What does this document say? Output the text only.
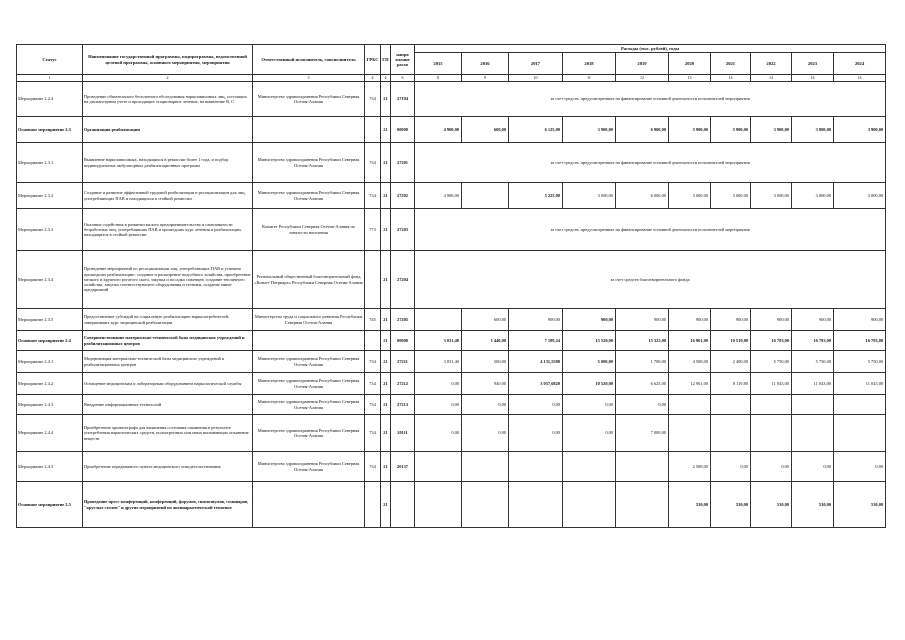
Статус	Наименование государственной программы, подпрограммы, ведомственной целевой программы, основного мероприятия, мероприятия	Ответственный исполнитель, соисполнитель	ГРБС	ГП	напра вление расхо	Расходы (тыс. рублей), годы									
						2015	2016	2017	2018	2019	2020	2021	2022	2023	2024
1	2	3	4	4	6	8	9	10	11	12	13	14	14	14	14
Мероприятие 2.2.4	Проведение обязательного бесплатного обследования наркозависимых лиц, состоящих на диспансерном учете и проходящих стационарное лечение, на выявление В, С	Министерство здравоохранения Республики Северная Осетия-Алания	734	21	27194	за счет средств, предусмотренных на финансирование основной деятельности исполнителей мероприятия									
Основное мероприятие 2.3	Организация реабилитации			21	00000	4 900,00	600,00	6 125,00	3 900,00	6 900,00	3 900,00	3 900,00	3 900,00	3 900,00	3 900,00
Мероприятие 2.3.1	Выявление наркозависимых, находящихся в ремиссии более 1 года, и подбор индивидуальных амбулаторных реабилитационных программ	Министерство здравоохранения Республики Северная Осетия-Алания	734	21	27201	за счет средств, предусмотренных на финансирование основной деятельности исполнителей мероприятия									
Мероприятие 2.3.2	Создание и развитие эффективной трудовой реабилитации и ресоциализации для лиц, употребляющих ПАВ и находящихся в стойкой ремиссии	Министерство здравоохранения Республики Северная Осетия-Алания	734	21	27202	4 900,00		5 225,00	3 000,00	6 000,00	3 000,00	3 000,00	3 000,00	3 000,00	3 000,00
Мероприятие 2.3.3	Оказание содействия в развитии малого предпринимательства и самозанятости безработных лиц, употреблявших ПАВ и прошедших курс лечения и реабилитации, находящихся в стойкой ремиссии	Комитет Республики Северная Осетия-Алания по занятости населения	773	21	27203	за счет средств, предусмотренных на финансирование основной деятельности исполнителей мероприятия									
Мероприятие 2.3.4	Проведение мероприятий по ресоциализации лиц, употребляющих ПАВ и успешно прошедших реабилитацию: создание и расширение подсобного хозяйства, приобретение мелкого и крупного рогатого скота, закупка и посадка саженцев, создание тепличного хозяйства, закупка соответствующего оборудования и техники, создание мини-предприятий	Региональный общественный благотворительный фонд «Ковчег-Патриарх» Республики Северная Осетия-Алания		21	27204	за счет средств благотворительного фонда									
Мероприятие 2.3.5	Предоставление субсидий на социальную реабилитацию наркопотребителей, завершивших курс медицинской реабилитации	Министерство труда и социального развития Республики Северная Осетия-Алания	745	21	27205		600,00	900,00	900,00	900,00	900,00	900,00	900,00	900,00	900,00
Основное мероприятие 2.4	Совершенствование материально-технической базы медицинских учреждений и реабилитационных центров			21	00000	3 031,40	1 440,00	7 189,24	15 520,00	15 325,00	16 961,00	10 519,80	16 793,00	16 793,00	16 793,00
Мероприятие 2.4.1	Модернизация материально-технической базы медицинских учреждений и реабилитационных центров	Министерство здравоохранения Республики Северная Осетия-Алания	734	21	27211	3 031,40	500,00	4 131,5580	5 000,00	1 700,00	4 500,00	2 400,00	5 750,00	5 750,00	5 750,00
Мероприятие 2.4.2	Оснащение медицинским и лабораторным оборудованием наркологической службы	Министерство здравоохранения Республики Северная Осетия-Алания	734	21	27212	0,00	940,00	3 057,6820	10 520,00	6 625,00	12 961,00	8 119,80	11 043,00	11 043,00	11 043,00
Мероприятие 2.4.3	Внедрение информационных технологий	Министерство здравоохранения Республики Северная Осетия-Алания	734	21	27213	0,00	0,00	0,00	0,00	0,00					
Мероприятие 2.4.4	Приобретение хроматографа для выявления состояния опьянения в результате употребления наркотических средств, психотропных или иных вызывающих опьянение веществ	Министерство здравоохранения Республики Северная Осетия-Алания	734	21	20111	0,00	0,00	0,00	0,00	7 000,00					
Мероприятие 2.4.5	Приобретение передвижного пункта медицинского освидетельствования	Министерство здравоохранения Республики Северная Осетия-Алания	734	21	20137						2 500,00	0,00	0,00	0,00	0,00
Основное мероприятие 2.5	Проведение пресс-конференций, конференций, форумов, симпозиумов, семинаров, "круглых столов" и других мероприятий по антинаркотической тематике			21							530,00	530,00	530,00	530,00	530,00
